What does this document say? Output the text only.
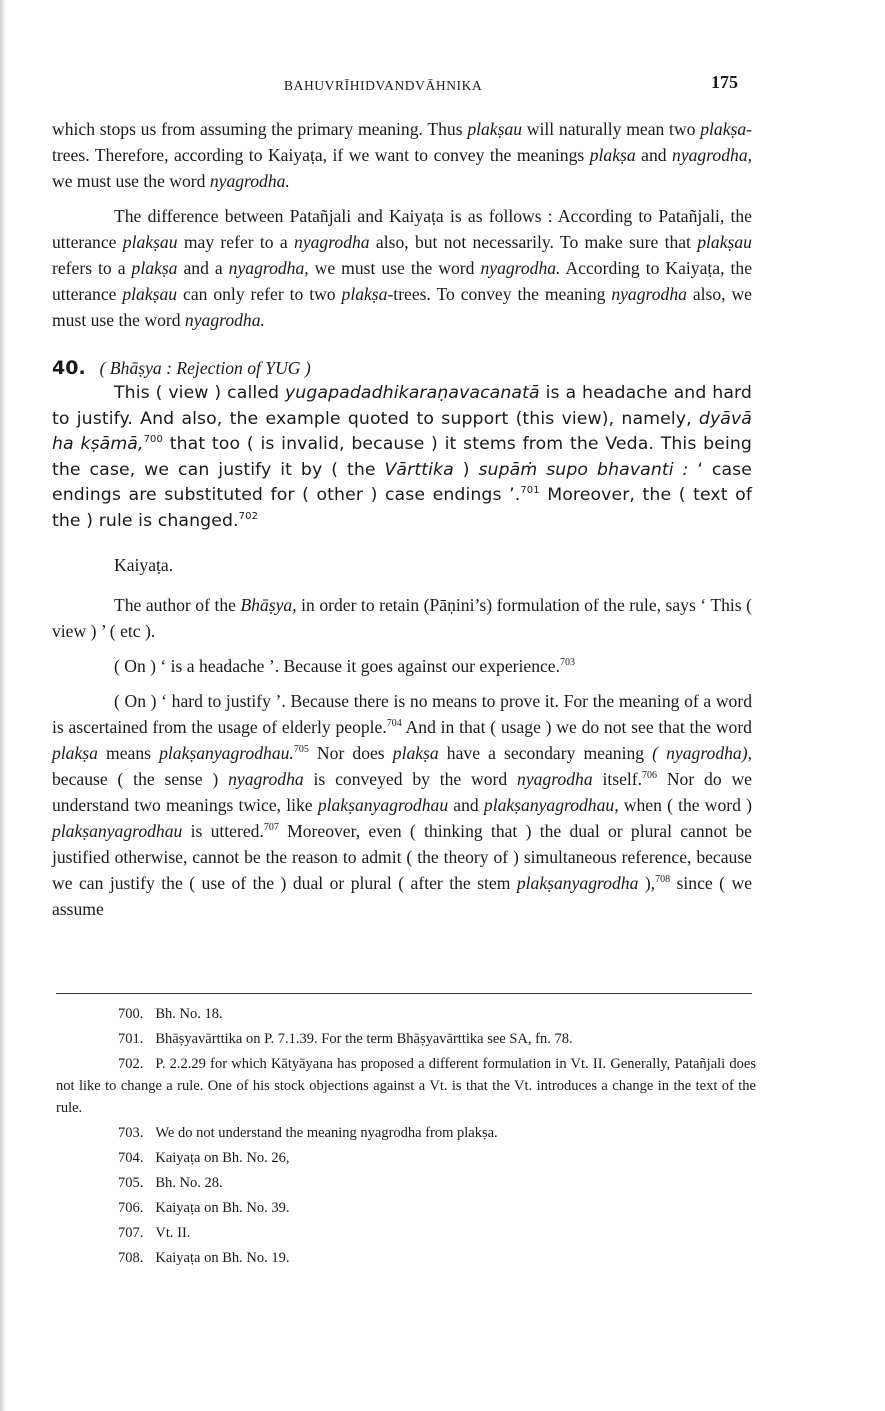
BAHUVRĪHIDVANDVĀHNIKA	175

which stops us from assuming the primary meaning. Thus plakṣau will naturally mean two plakṣa-trees. Therefore, according to Kaiyaṭa, if we want to convey the meanings plakṣa and nyagrodha, we must use the word nyagrodha.

The difference between Patañjali and Kaiyaṭa is as follows : According to Patañjali, the utterance plakṣau may refer to a nyagrodha also, but not necessarily. To make sure that plakṣau refers to a plakṣa and a nyagrodha, we must use the word nyagrodha. According to Kaiyaṭa, the utterance plakṣau can only refer to two plakṣa-trees. To convey the meaning nyagrodha also, we must use the word nyagrodha.

40. ( Bhāṣya : Rejection of YUG )

This ( view ) called yugapadadhikaraṇavacanatā is a headache and hard to justify. And also, the example quoted to support (this view), namely, dyāvā ha kṣāmā,$^{700}$ that too ( is invalid, because ) it stems from the Veda. This being the case, we can justify it by ( the Vārttika ) supāṁ supo bhavanti : ‘ case endings are substituted for ( other ) case endings ’.$^{701}$ Moreover, the ( text of the ) rule is changed.$^{702}$

Kaiyaṭa.

The author of the Bhāṣya, in order to retain (Pāṇini’s) formulation of the rule, says ‘ This ( view ) ’ ( etc ).

( On ) ‘ is a headache ’. Because it goes against our experience.$^{703}$

( On ) ‘ hard to justify ’. Because there is no means to prove it. For the meaning of a word is ascertained from the usage of elderly people.$^{704}$ And in that ( usage ) we do not see that the word plakṣa means plakṣanyagrodhau.$^{705}$ Nor does plakṣa have a secondary meaning ( nyagrodha), because ( the sense ) nyagrodha is conveyed by the word nyagrodha itself.$^{706}$ Nor do we understand two meanings twice, like plakṣanyagrodhau and plakṣanyagrodhau, when ( the word ) plakṣanyagrodhau is uttered.$^{707}$ Moreover, even ( thinking that ) the dual or plural cannot be justified otherwise, cannot be the reason to admit ( the theory of ) simultaneous reference, because we can justify the ( use of the ) dual or plural ( after the stem plakṣanyagrodha ),$^{708}$ since ( we assume

700. Bh. No. 18.

701. Bhāṣyavārttika on P. 7.1.39. For the term Bhāṣyavārttika see SA, fn. 78.

702. P. 2.2.29 for which Kātyāyana has proposed a different formulation in Vt. II. Generally, Patañjali does not like to change a rule. One of his stock objections against a Vt. is that the Vt. introduces a change in the text of the rule.

703. We do not understand the meaning nyagrodha from plakṣa.

704. Kaiyaṭa on Bh. No. 26,

705. Bh. No. 28.

706. Kaiyaṭa on Bh. No. 39.

707. Vt. II.

708. Kaiyaṭa on Bh. No. 19.
